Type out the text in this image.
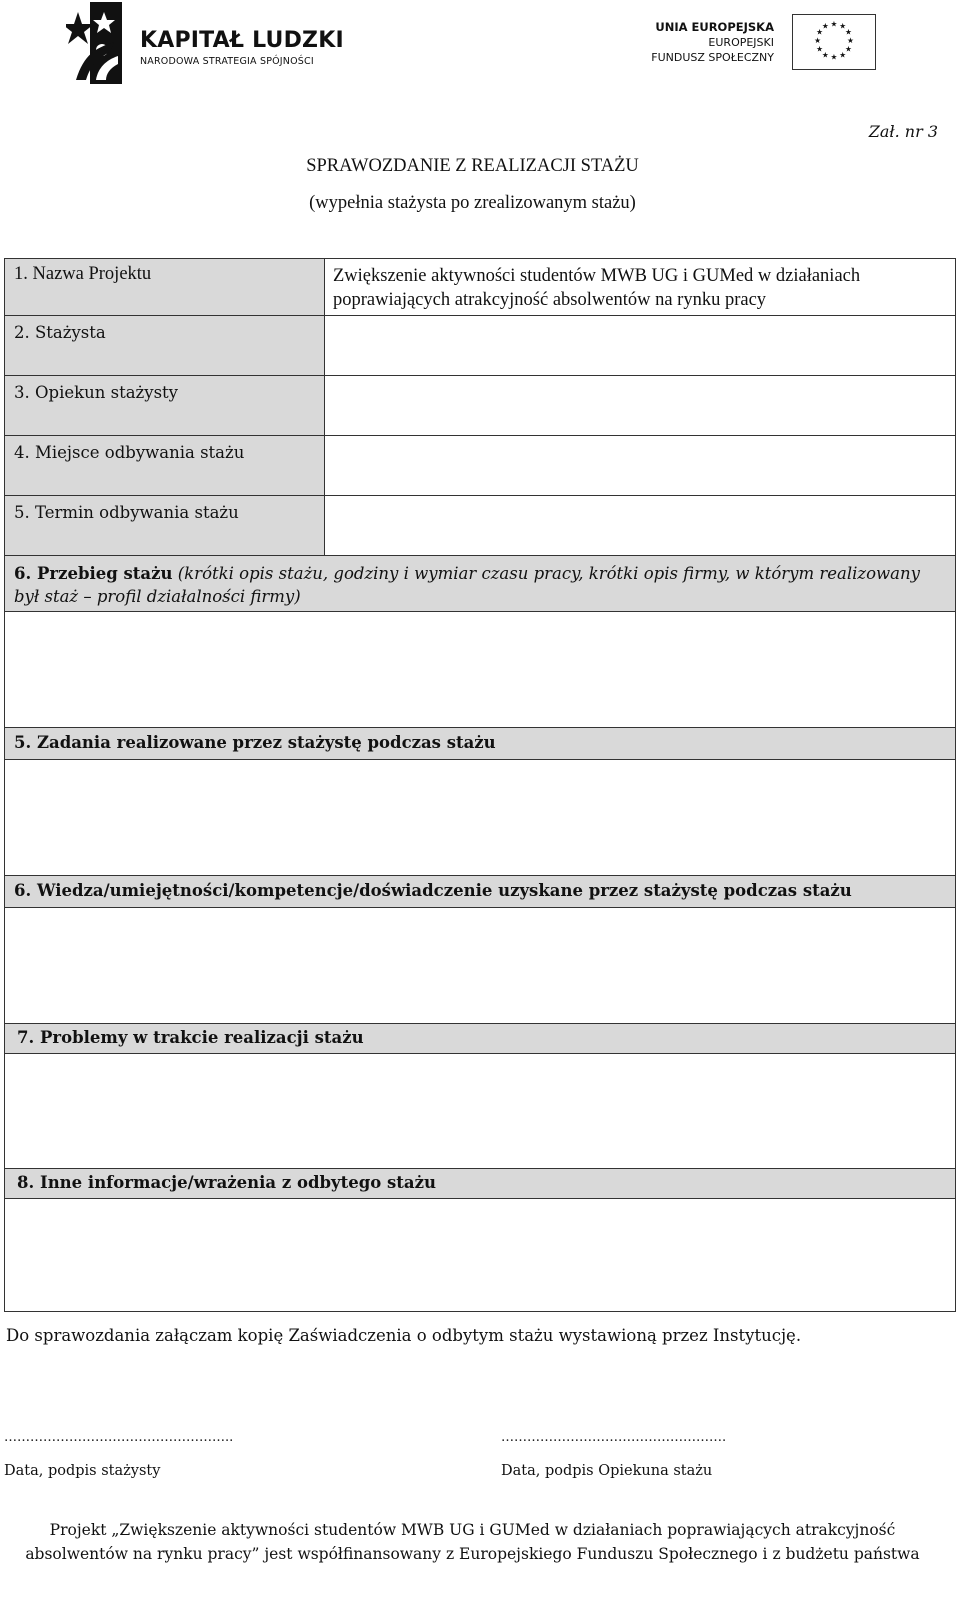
KAPITAŁ LUDZKI
NARODOWA STRATEGIA SPÓJNOŚCI
UNIA EUROPEJSKA
EUROPEJSKI
FUNDUSZ SPOŁECZNY
★ ★
★
★
★
★
★
★
★
★
★
★
Zał. nr 3
SPRAWOZDANIE Z REALIZACJI STAŻU
(wypełnia stażysta po zrealizowanym stażu)
1. Nazwa Projektu	Zwiększenie aktywności studentów MWB UG i GUMed w działaniach
poprawiających atrakcyjność absolwentów na rynku pracy
2. Stażysta
3. Opiekun stażysty
4. Miejsce odbywania stażu
5. Termin odbywania stażu
6. Przebieg stażu (krótki opis stażu, godziny i wymiar czasu pracy, krótki opis firmy, w którym realizowany
był staż – profil działalności firmy)
5. Zadania realizowane przez stażystę podczas stażu
6. Wiedza/umiejętności/kompetencje/doświadczenie uzyskane przez stażystę podczas stażu
7. Problemy w trakcie realizacji stażu
8. Inne informacje/wrażenia z odbytego stażu
Do sprawozdania załączam kopię Zaświadczenia o odbytym stażu wystawioną przez Instytucję.
……………………………………………..	…………………………………………….
Data, podpis stażysty	Data, podpis Opiekuna stażu
Projekt „Zwiększenie aktywności studentów MWB UG i GUMed w działaniach poprawiających atrakcyjność
absolwentów na rynku pracy” jest współfinansowany z Europejskiego Funduszu Społecznego i z budżetu państwa
